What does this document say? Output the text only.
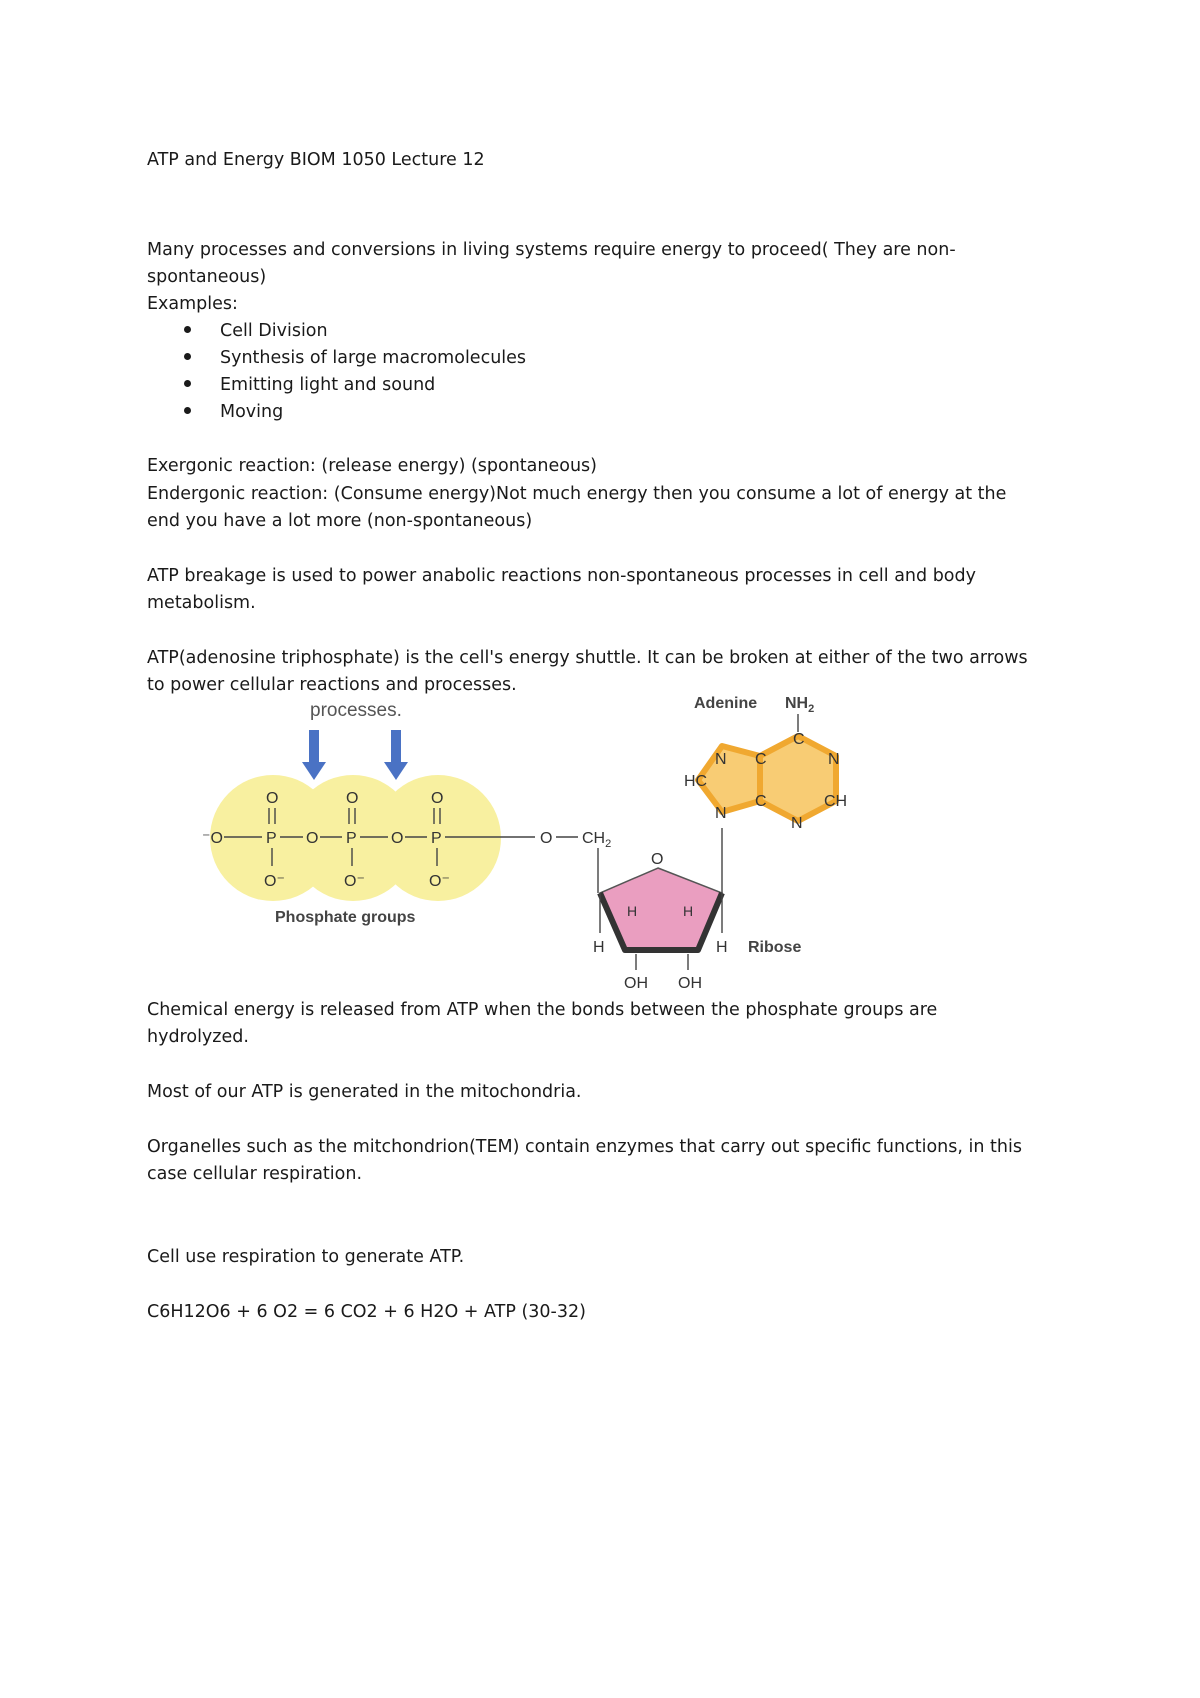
ATP and Energy BIOM 1050 Lecture 12

Many processes and conversions in living systems require energy to proceed( They are non-

spontaneous)

Examples:

Cell Division

Synthesis of large macromolecules

Emitting light and sound

Moving

Exergonic reaction: (release energy) (spontaneous)

Endergonic reaction: (Consume energy)Not much energy then you consume a lot of energy at the

end you have a lot more (non-spontaneous)

ATP breakage is used to power anabolic reactions non-spontaneous processes in cell and body

metabolism.

ATP(adenosine triphosphate) is the cell's energy shuttle. It can be broken at either of the two arrows

to power cellular reactions and processes.

processes.
O	O	O
⁻O	P O P O P
O⁻	O⁻	O⁻
Phosphate groups
O $CH_2$
O
H	H
H	H
OH OH
Ribose
N
HC
N
C
C
C
N
CH
N
$NH_2$
Adenine

Chemical energy is released from ATP when the bonds between the phosphate groups are

hydrolyzed.

Most of our ATP is generated in the mitochondria.

Organelles such as the mitchondrion(TEM) contain enzymes that carry out specific functions, in this

case cellular respiration.

Cell use respiration to generate ATP.

C6H12O6 + 6 O2 = 6 CO2 + 6 H2O + ATP (30-32)
